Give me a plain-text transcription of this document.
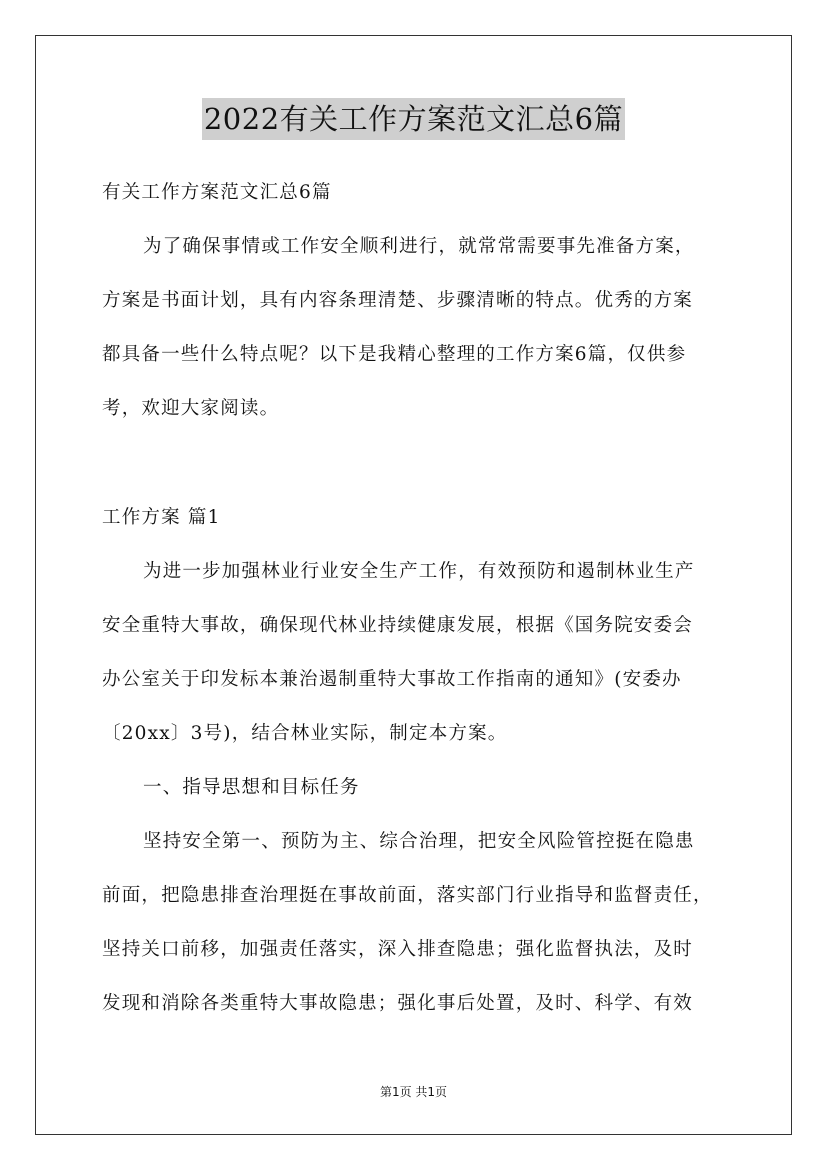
2022有关工作方案范文汇总6篇
有关工作方案范文汇总6篇
为了确保事情或工作安全顺利进行，就常常需要事先准备方案，
方案是书面计划，具有内容条理清楚、步骤清晰的特点。优秀的方案
都具备一些什么特点呢？以下是我精心整理的工作方案6篇，仅供参
考，欢迎大家阅读。
工作方案 篇1
为进一步加强林业行业安全生产工作，有效预防和遏制林业生产
安全重特大事故，确保现代林业持续健康发展，根据《国务院安委会
办公室关于印发标本兼治遏制重特大事故工作指南的通知》(安委办
〔20xx〕3号)，结合林业实际，制定本方案。
一、指导思想和目标任务
坚持安全第一、预防为主、综合治理，把安全风险管控挺在隐患
前面，把隐患排查治理挺在事故前面，落实部门行业指导和监督责任，
坚持关口前移，加强责任落实，深入排查隐患；强化监督执法，及时
发现和消除各类重特大事故隐患；强化事后处置，及时、科学、有效
第1页 共1页
